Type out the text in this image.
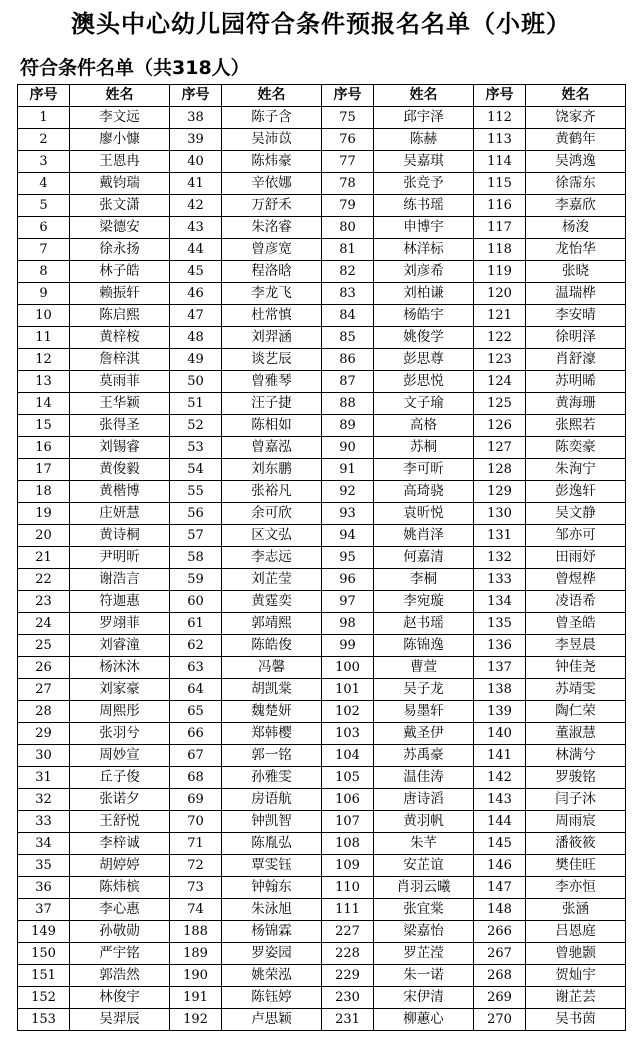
澳头中心幼儿园符合条件预报名名单（小班）
符合条件名单（共318人）
序号	姓名	序号	姓名	序号	姓名	序号	姓名
1	李文远	38	陈子含	75	邱宇泽	112	饶家齐
2	廖小慷	39	吴沛苡	76	陈赫	113	黄鹤年
3	王恩冉	40	陈炜豪	77	吴嘉琪	114	吴鸿逸
4	戴钧瑞	41	辛依娜	78	张竞予	115	徐霈东
5	张文潇	42	万舒禾	79	练书瑶	116	李嘉欣
6	梁德安	43	朱洺睿	80	申博宇	117	杨浚
7	徐永扬	44	曾彦宽	81	林洋标	118	龙怡华
8	林子皓	45	程洛晗	82	刘彦希	119	张晓
9	赖振轩	46	李龙飞	83	刘柏谦	120	温瑞桦
10	陈启熙	47	杜常慎	84	杨皓宇	121	李安晴
11	黄梓桉	48	刘羿涵	85	姚俊学	122	徐明泽
12	詹梓淇	49	谈艺辰	86	彭思尊	123	肖舒濠
13	莫雨菲	50	曾雅琴	87	彭思悦	124	苏明晞
14	王华颖	51	汪子捷	88	文子瑜	125	黄海珊
15	张得圣	52	陈相如	89	高格	126	张熙若
16	刘锡睿	53	曾嘉泓	90	苏桐	127	陈奕豪
17	黄俊毅	54	刘东鹏	91	李可昕	128	朱洵宁
18	黄楷博	55	张裕凡	92	高琦骁	129	彭逸轩
19	庄妍慧	56	余可欣	93	袁昕悦	130	吴文静
20	黄诗桐	57	区文弘	94	姚肖泽	131	邹亦可
21	尹明昕	58	李志远	95	何嘉清	132	田雨妤
22	谢浩言	59	刘芷莹	96	李桐	133	曾煜桦
23	符迦惠	60	黄霆奕	97	李宛璇	134	凌语希
24	罗翊菲	61	郭靖熙	98	赵书瑶	135	曾圣皓
25	刘睿潼	62	陈皓俊	99	陈锦逸	136	李昱晨
26	杨沐沐	63	冯馨	100	曹萱	137	钟佳尧
27	刘家豪	64	胡凯棠	101	吴子龙	138	苏靖雯
28	周熙彤	65	魏楚妍	102	易墨轩	139	陶仁荣
29	张羽兮	66	郑韩樱	103	戴圣伊	140	董淑慧
30	周妙宣	67	郭一铭	104	苏禹豪	141	林满兮
31	丘子俊	68	孙雅雯	105	温佳涛	142	罗骏铭
32	张诺夕	69	房语航	106	唐诗滔	143	闫子沐
33	王舒悦	70	钟凯智	107	黄羽帆	144	周雨宸
34	李梓诚	71	陈胤弘	108	朱芊	145	潘筱筱
35	胡婷婷	72	覃雯钰	109	安芷谊	146	樊佳旺
36	陈炜槟	73	钟翰东	110	肖羽云曦	147	李亦恒
37	李心惠	74	朱泳旭	111	张宜棠	148	张涵
149	孙敬勋	188	杨锦霖	227	梁嘉怡	266	吕恩庭
150	严宇铭	189	罗姿园	228	罗芷滢	267	曾驰颢
151	郭浩然	190	姚荣泓	229	朱一诺	268	贺灿宇
152	林俊宇	191	陈钰婷	230	宋伊清	269	谢芷芸
153	吴羿辰	192	卢思颖	231	柳蕙心	270	吴书茵
